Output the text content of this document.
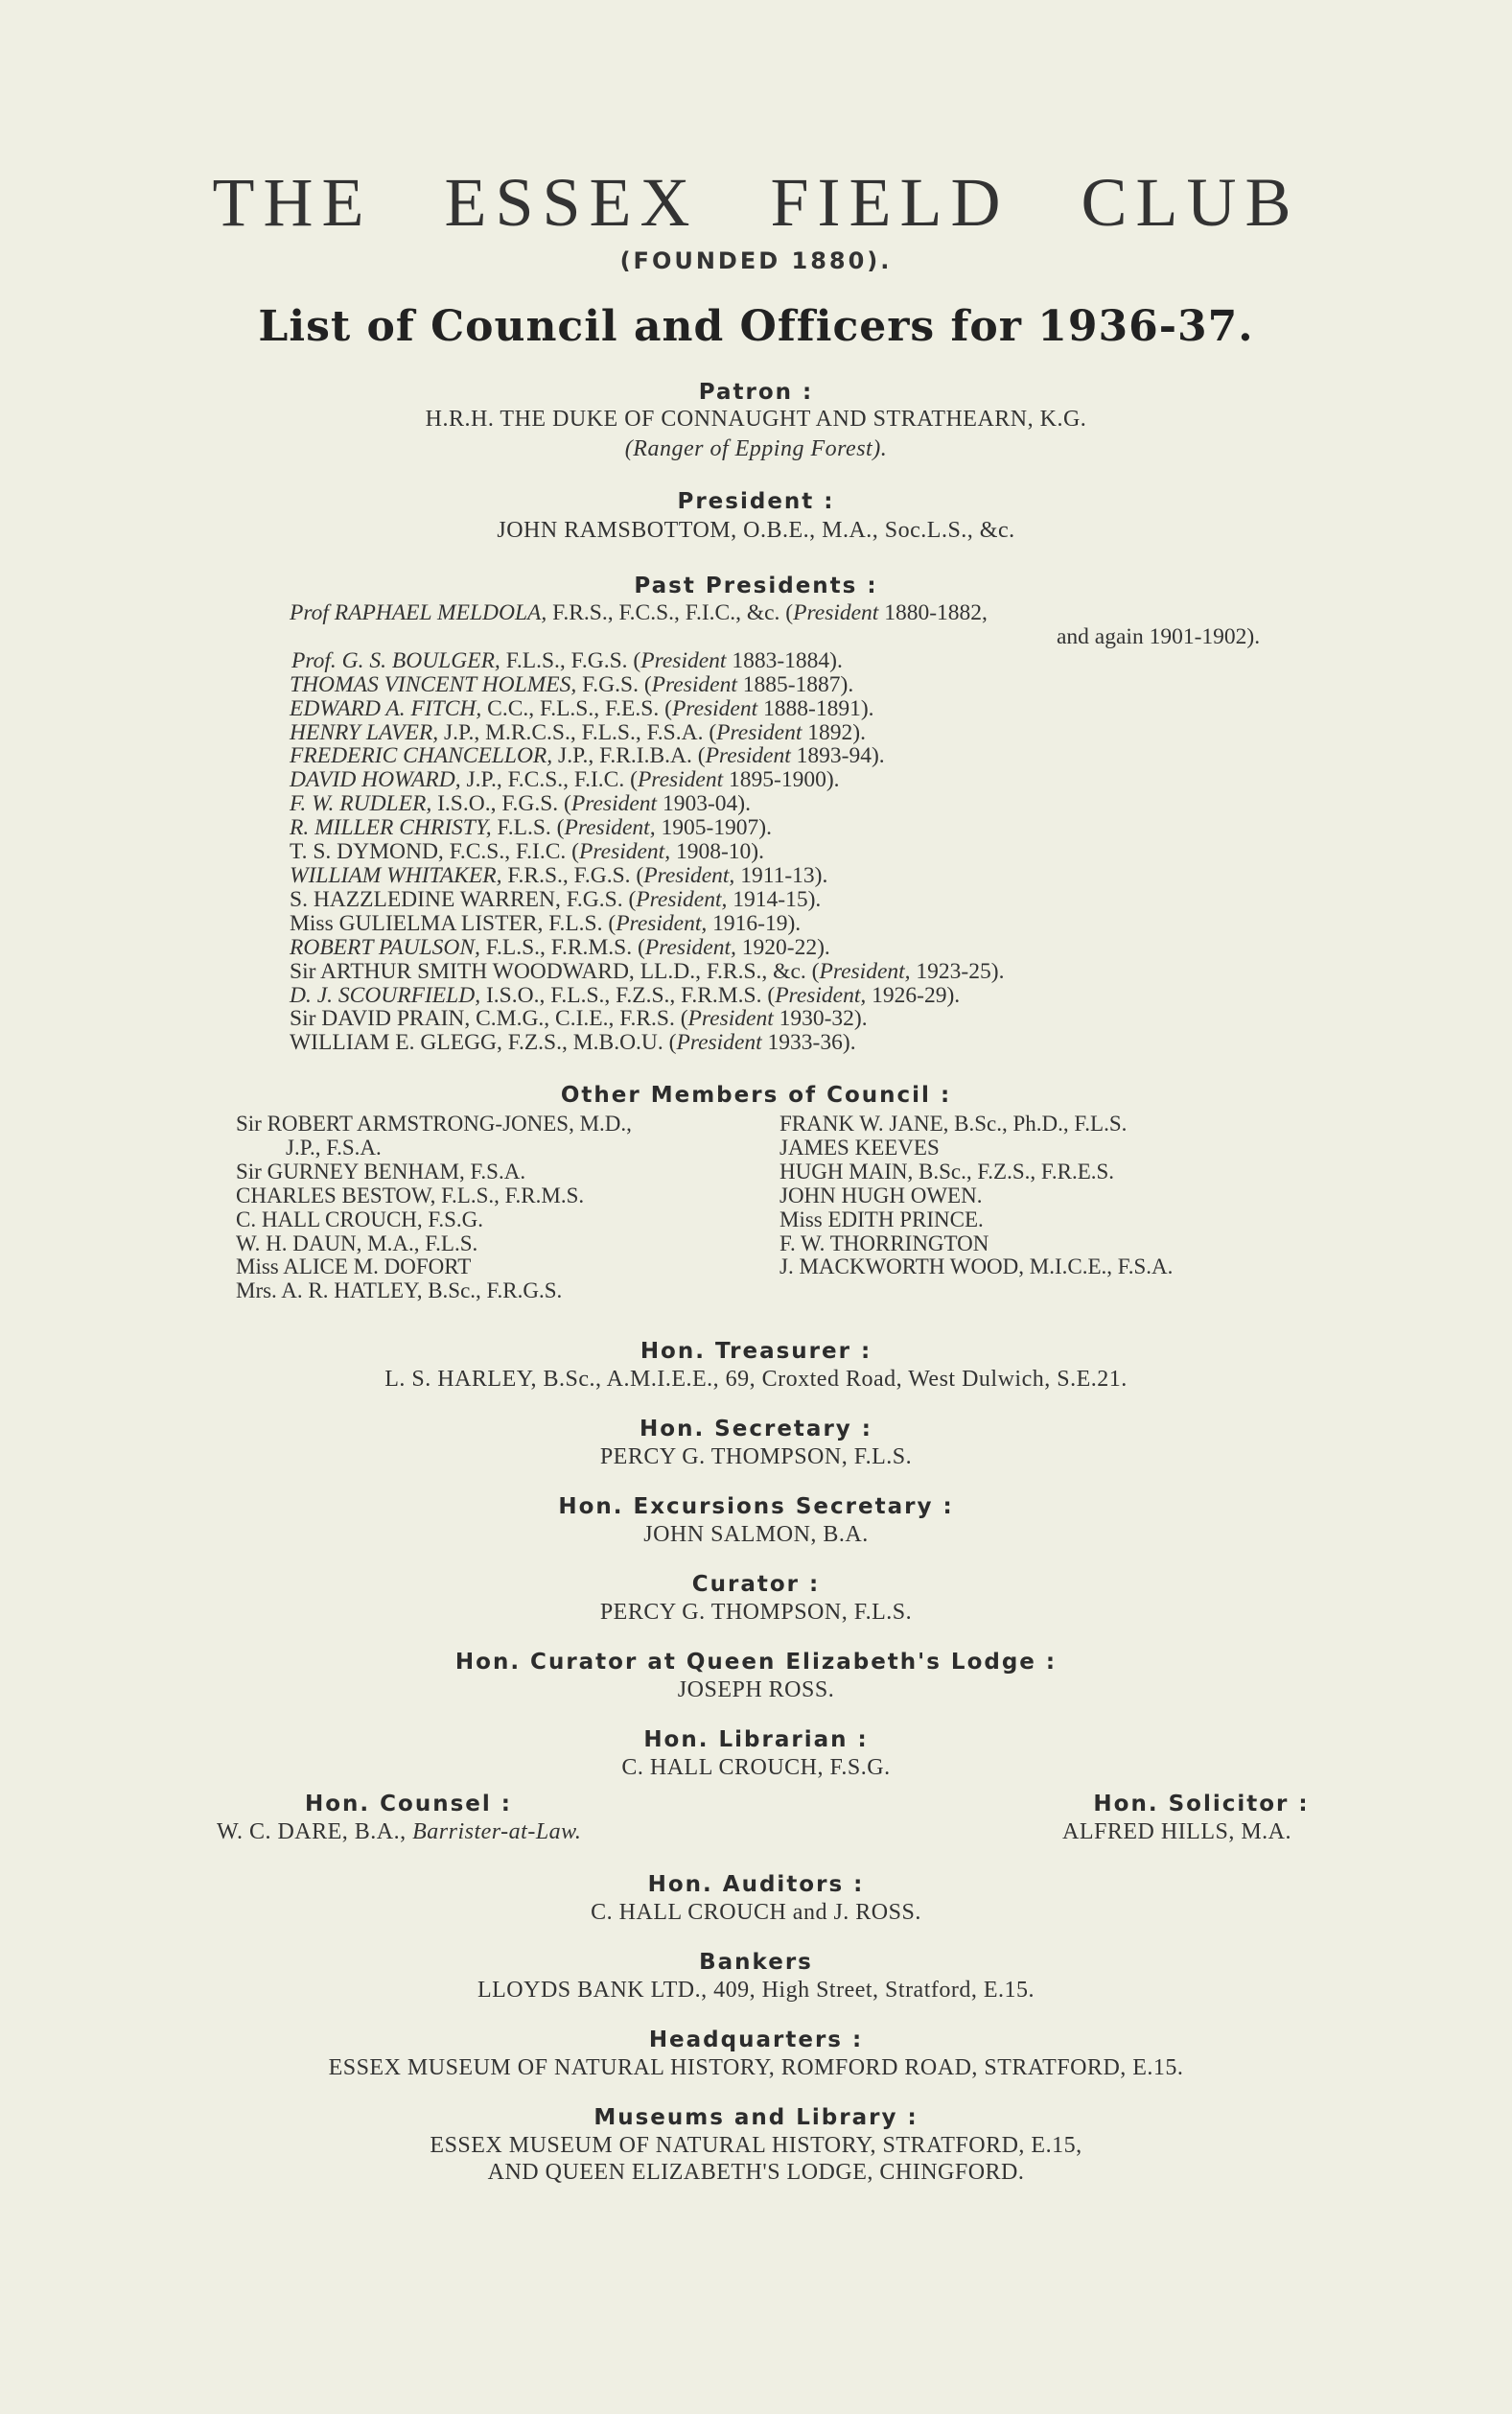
THE ESSEX FIELD CLUB
(FOUNDED 1880).
List of Council and Officers for 1936-37.
Patron :
H.R.H. THE DUKE OF CONNAUGHT AND STRATHEARN, K.G.
(Ranger of Epping Forest).
President :
JOHN RAMSBOTTOM, O.B.E., M.A., Soc.L.S., &c.
Past Presidents :
Prof RAPHAEL MELDOLA, F.R.S., F.C.S., F.I.C., &c. (President 1880-1882,
and again 1901-1902).
Prof. G. S. BOULGER, F.L.S., F.G.S. (President 1883-1884).
THOMAS VINCENT HOLMES, F.G.S. (President 1885-1887).
EDWARD A. FITCH, C.C., F.L.S., F.E.S. (President 1888-1891).
HENRY LAVER, J.P., M.R.C.S., F.L.S., F.S.A. (President 1892).
FREDERIC CHANCELLOR, J.P., F.R.I.B.A. (President 1893-94).
DAVID HOWARD, J.P., F.C.S., F.I.C. (President 1895-1900).
F. W. RUDLER, I.S.O., F.G.S. (President 1903-04).
R. MILLER CHRISTY, F.L.S. (President, 1905-1907).
T. S. DYMOND, F.C.S., F.I.C. (President, 1908-10).
WILLIAM WHITAKER, F.R.S., F.G.S. (President, 1911-13).
S. HAZZLEDINE WARREN, F.G.S. (President, 1914-15).
Miss GULIELMA LISTER, F.L.S. (President, 1916-19).
ROBERT PAULSON, F.L.S., F.R.M.S. (President, 1920-22).
Sir ARTHUR SMITH WOODWARD, LL.D., F.R.S., &c. (President, 1923-25).
D. J. SCOURFIELD, I.S.O., F.L.S., F.Z.S., F.R.M.S. (President, 1926-29).
Sir DAVID PRAIN, C.M.G., C.I.E., F.R.S. (President 1930-32).
WILLIAM E. GLEGG, F.Z.S., M.B.O.U. (President 1933-36).
Other Members of Council :
Sir ROBERT ARMSTRONG-JONES, M.D.,
J.P., F.S.A.
Sir GURNEY BENHAM, F.S.A.
CHARLES BESTOW, F.L.S., F.R.M.S.
C. HALL CROUCH, F.S.G.
W. H. DAUN, M.A., F.L.S.
Miss ALICE M. DOFORT
Mrs. A. R. HATLEY, B.Sc., F.R.G.S.
FRANK W. JANE, B.Sc., Ph.D., F.L.S.
JAMES KEEVES
HUGH MAIN, B.Sc., F.Z.S., F.R.E.S.
JOHN HUGH OWEN.
Miss EDITH PRINCE.
F. W. THORRINGTON
J. MACKWORTH WOOD, M.I.C.E., F.S.A.
Hon. Treasurer :
L. S. HARLEY, B.Sc., A.M.I.E.E., 69, Croxted Road, West Dulwich, S.E.21.
Hon. Secretary :
PERCY G. THOMPSON, F.L.S.
Hon. Excursions Secretary :
JOHN SALMON, B.A.
Curator :
PERCY G. THOMPSON, F.L.S.
Hon. Curator at Queen Elizabeth's Lodge :
JOSEPH ROSS.
Hon. Librarian :
C. HALL CROUCH, F.S.G.
Hon. Counsel :
W. C. DARE, B.A., Barrister-at-Law.
Hon. Solicitor :
ALFRED HILLS, M.A.
Hon. Auditors :
C. HALL CROUCH and J. ROSS.
Bankers
LLOYDS BANK LTD., 409, High Street, Stratford, E.15.
Headquarters :
ESSEX MUSEUM OF NATURAL HISTORY, ROMFORD ROAD, STRATFORD, E.15.
Museums and Library :
ESSEX MUSEUM OF NATURAL HISTORY, STRATFORD, E.15,
AND QUEEN ELIZABETH'S LODGE, CHINGFORD.
